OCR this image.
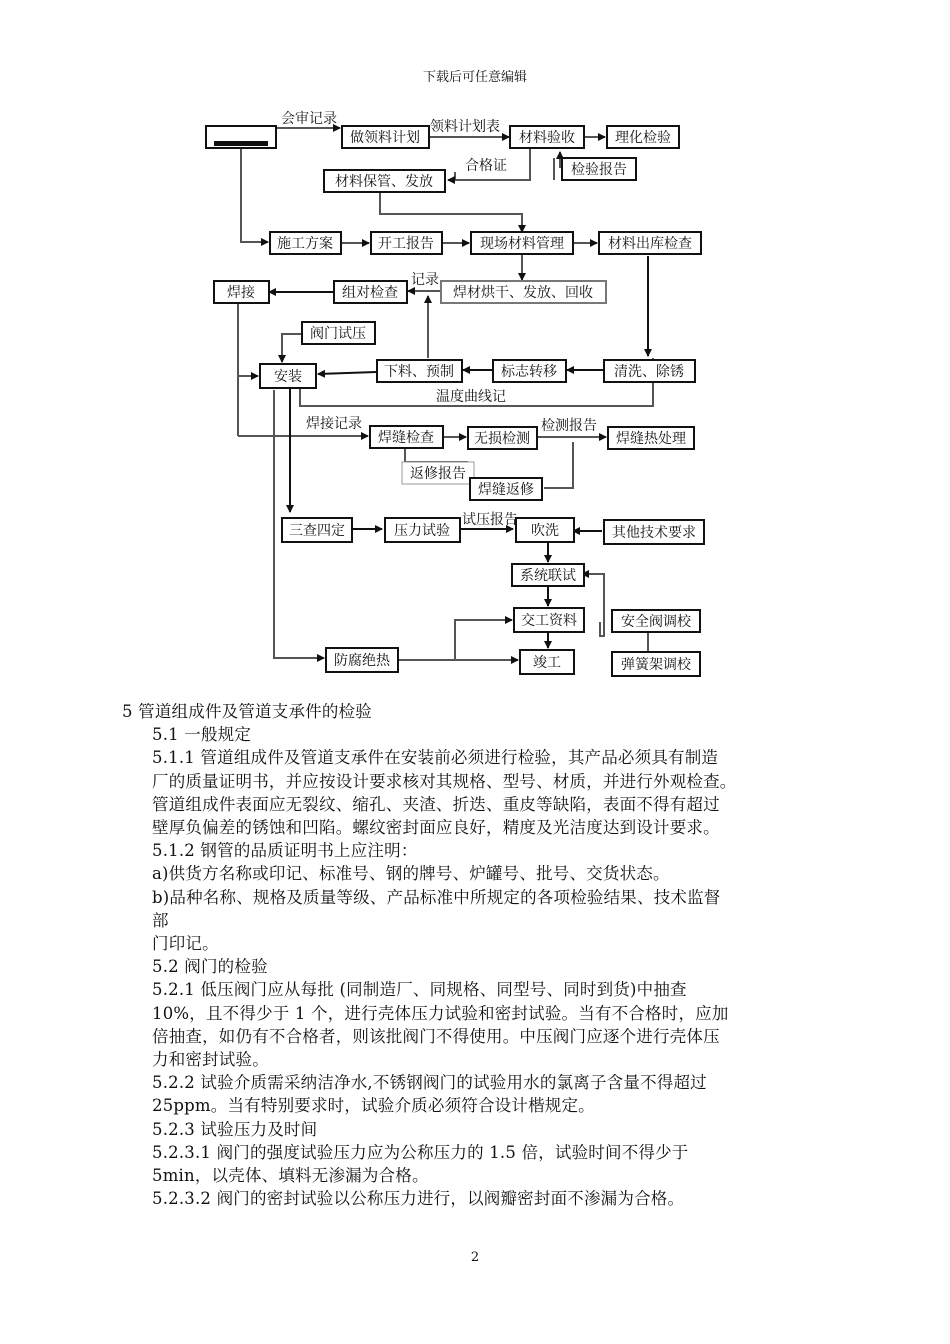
下载后可任意编辑
做领料计划	材料验收	理化检验
检验报告
材料保管、发放
施工方案	开工报告	现场材料管理	材料出库检查
焊接	组对检查	焊材烘干、发放、回收
阀门试压
安装	下料、预制	标志转移	清洗、除锈
焊缝检查	无损检测	焊缝热处理
返修报告
焊缝返修
三查四定	压力试验	吹洗	其他技术要求
系统联试
交工资料	安全阀调校
防腐绝热	竣工	弹簧架调校
会审记录	领料计划表
合格证
记录
温度曲线记
焊接记录	检测报告
试压报告

5 管道组成件及管道支承件的检验

5.1 一般规定

5.1.1 管道组成件及管道支承件在安装前必须进行检验，其产品必须具有制造

厂的质量证明书，并应按设计要求核对其规格、型号、材质，并进行外观检查。

管道组成件表面应无裂纹、缩孔、夹渣、折迭、重皮等缺陷，表面不得有超过

壁厚负偏差的锈蚀和凹陷。螺纹密封面应良好，精度及光洁度达到设计要求。

5.1.2 钢管的品质证明书上应注明：

a)供货方名称或印记、标准号、钢的牌号、炉罐号、批号、交货状态。

b)品种名称、规格及质量等级、产品标准中所规定的各项检验结果、技术监督

部

门印记。

5.2 阀门的检验

5.2.1 低压阀门应从每批 (同制造厂、同规格、同型号、同时到货)中抽查

10%，且不得少于 1 个，进行壳体压力试验和密封试验。当有不合格时，应加

倍抽查，如仍有不合格者，则该批阀门不得使用。中压阀门应逐个进行壳体压

力和密封试验。

5.2.2 试验介质需采纳洁净水,不锈钢阀门的试验用水的氯离子含量不得超过

25ppm。当有特别要求时，试验介质必须符合设计楷规定。

5.2.3 试验压力及时间

5.2.3.1 阀门的强度试验压力应为公称压力的 1.5 倍，试验时间不得少于

5min，以壳体、填料无渗漏为合格。

5.2.3.2 阀门的密封试验以公称压力进行，以阀瓣密封面不渗漏为合格。

2
